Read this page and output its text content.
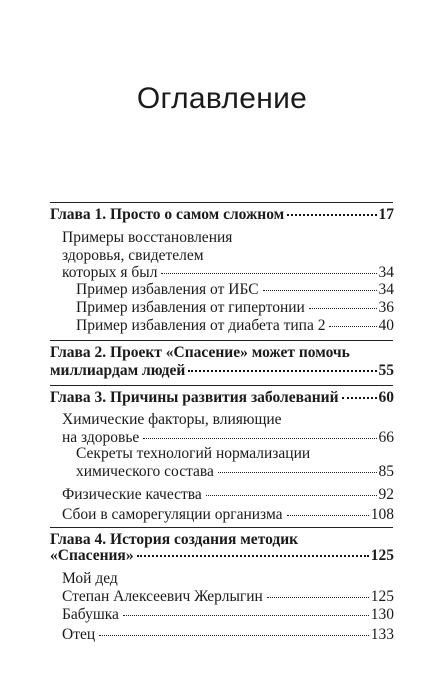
Оглавление
Глава 1. Просто о самом сложном	17
Примеры восстановления
здоровья, свидетелем
которых я был	34
Пример избавления от ИБС	34
Пример избавления от гипертонии	36
Пример избавления от диабета типа 2	40
Глава 2. Проект «Спасение» может помочь
миллиардам людей	55
Глава 3. Причины развития заболеваний	60
Химические факторы, влияющие
на здоровье	66
Секреты технологий нормализации
химического состава	85
Физические качества	92
Сбои в саморегуляции организма	108
Глава 4. История создания методик
«Спасения»	125
Мой дед
Степан Алексеевич Жерлыгин	125
Бабушка	130
Отец	133
